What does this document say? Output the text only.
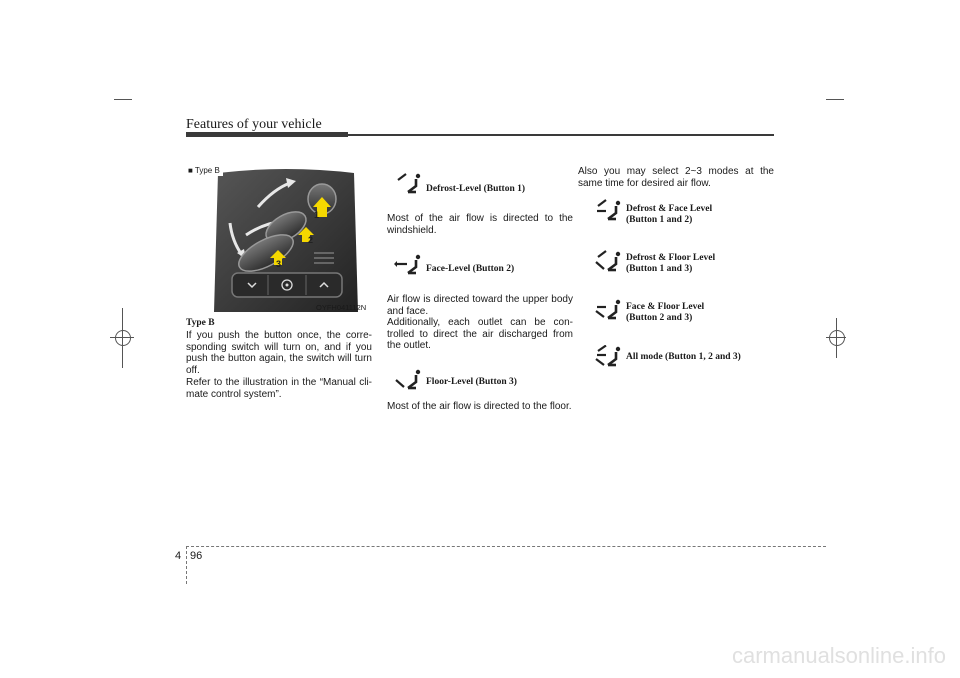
Features of your vehicle
1
2
3
■ Type B
OYFH041112N
Type B

If you push the button once, the corre-sponding switch will turn on, and if you push the button again, the switch will turn off.

Refer to the illustration in the “Manual cli-mate control system”.

Defrost-Level (Button 1)

Most of the air flow is directed to the windshield.

Face-Level (Button 2)

Air flow is directed toward the upper body and face.
Additionally, each outlet can be con-trolled to direct the air discharged from the outlet.

Floor-Level (Button 3)

Most of the air flow is directed to the floor.

Also you may select 2~3 modes at the same time for desired air flow.

Defrost & Face Level
(Button 1 and 2)
Defrost & Floor Level
(Button 1 and 3)
Face & Floor Level
(Button 2 and 3)
All mode (Button 1, 2 and 3)
4 96
carmanualsonline.info
